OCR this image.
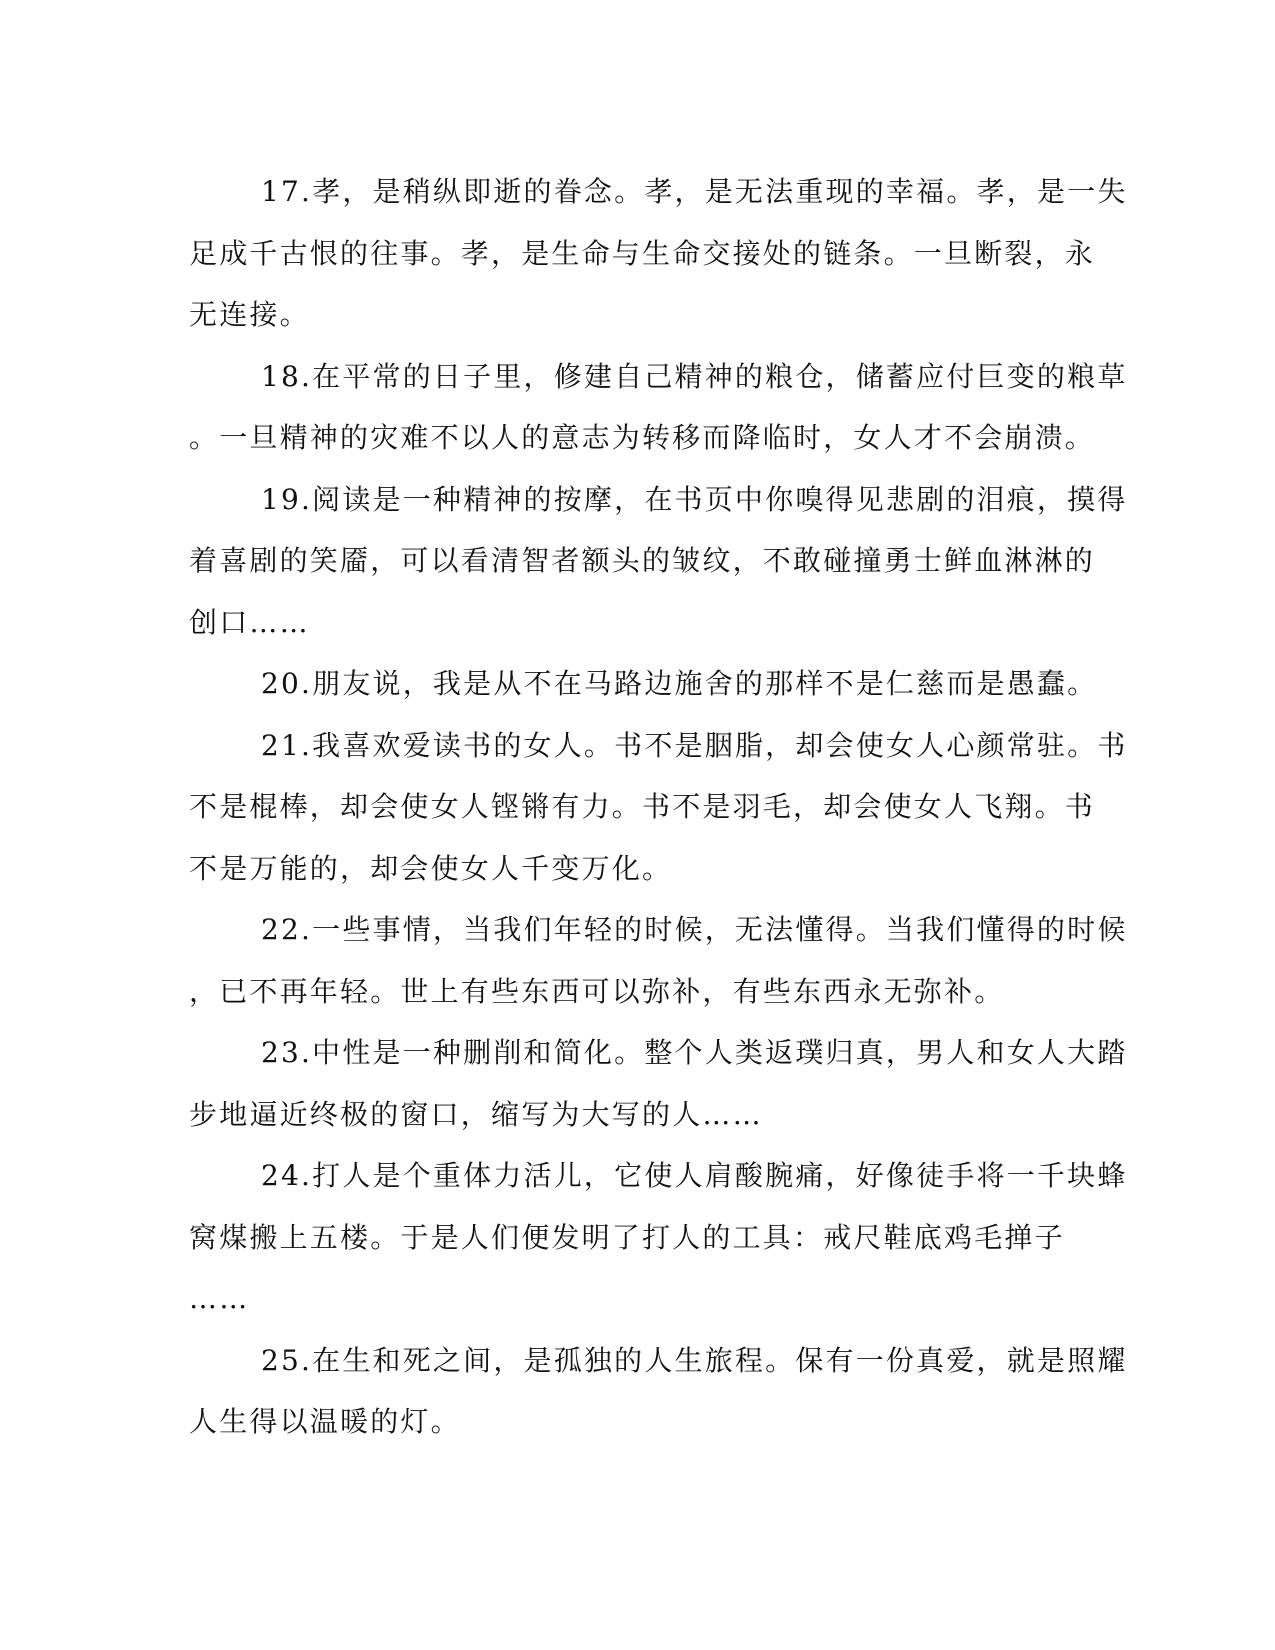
17.孝，是稍纵即逝的眷念。孝，是无法重现的幸福。孝，是一失
足成千古恨的往事。孝，是生命与生命交接处的链条。一旦断裂，永
无连接。
18.在平常的日子里，修建自己精神的粮仓，储蓄应付巨变的粮草
。一旦精神的灾难不以人的意志为转移而降临时，女人才不会崩溃。
19.阅读是一种精神的按摩，在书页中你嗅得见悲剧的泪痕，摸得
着喜剧的笑靥，可以看清智者额头的皱纹，不敢碰撞勇士鲜血淋淋的
创口……
20.朋友说，我是从不在马路边施舍的那样不是仁慈而是愚蠢。
21.我喜欢爱读书的女人。书不是胭脂，却会使女人心颜常驻。书
不是棍棒，却会使女人铿锵有力。书不是羽毛，却会使女人飞翔。书
不是万能的，却会使女人千变万化。
22.一些事情，当我们年轻的时候，无法懂得。当我们懂得的时候
，已不再年轻。世上有些东西可以弥补，有些东西永无弥补。
23.中性是一种删削和简化。整个人类返璞归真，男人和女人大踏
步地逼近终极的窗口，缩写为大写的人……
24.打人是个重体力活儿，它使人肩酸腕痛，好像徒手将一千块蜂
窝煤搬上五楼。于是人们便发明了打人的工具：戒尺鞋底鸡毛掸子
……
25.在生和死之间，是孤独的人生旅程。保有一份真爱，就是照耀
人生得以温暖的灯。
